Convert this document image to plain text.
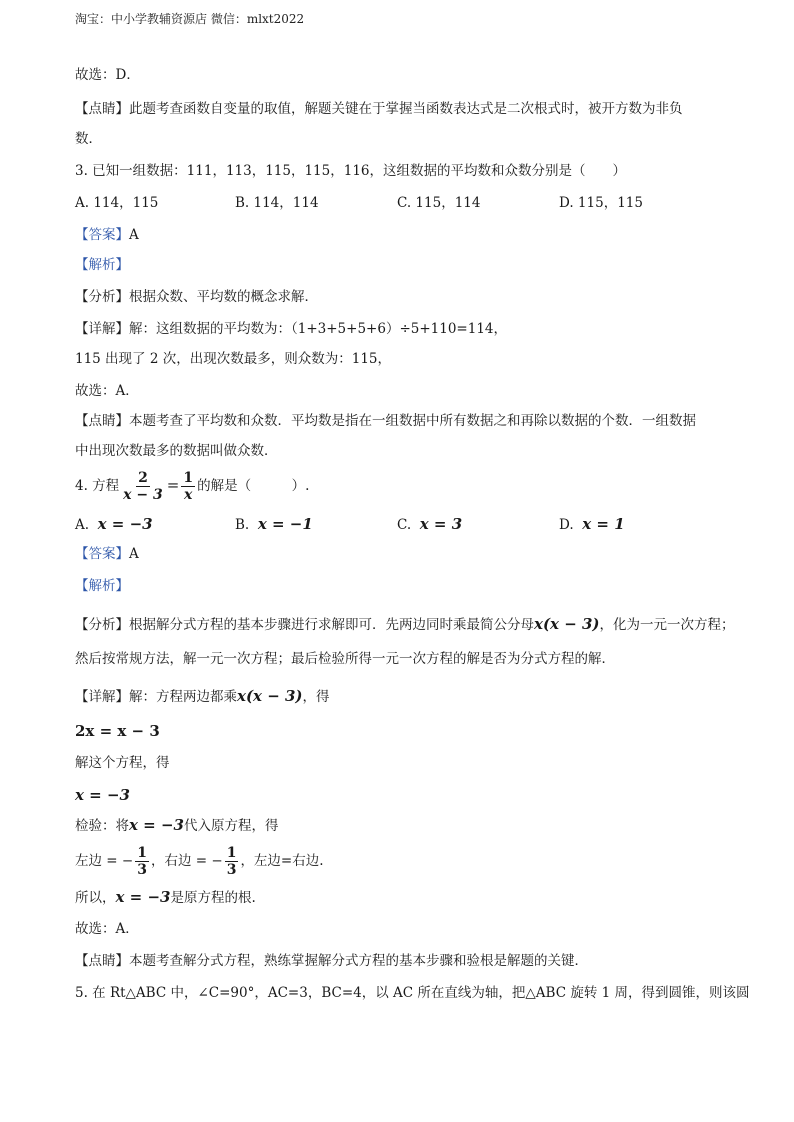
淘宝：中小学教辅资源店 微信：mlxt2022
故选：D．
【点睛】此题考查函数自变量的取值，解题关键在于掌握当函数表达式是二次根式时，被开方数为非负
数．
3. 已知一组数据：111，113，115，115，116，这组数据的平均数和众数分别是（　　）
A. 114，115	B. 114，114	C. 115，114	D. 115，115
【答案】A
【解析】
【分析】根据众数、平均数的概念求解．
【详解】解：这组数据的平均数为：（1+3+5+5+6）÷5+110=114，
115 出现了 2 次，出现次数最多，则众数为：115，
故选：A．
【点睛】本题考查了平均数和众数．平均数是指在一组数据中所有数据之和再除以数据的个数．一组数据
中出现次数最多的数据叫做众数．
4. 方程 $\frac{2}{x - 3} = \frac{1}{x}$ 的解是（　　　）.
A. x = −3	B. x = −1	C. x = 3	D. x = 1
【答案】A
【解析】
【分析】根据解分式方程的基本步骤进行求解即可．先两边同时乘最简公分母x(x − 3)，化为一元一次方程；
然后按常规方法，解一元一次方程；最后检验所得一元一次方程的解是否为分式方程的解．
【详解】解：方程两边都乘x(x − 3)，得
2x = x − 3
解这个方程，得
x = −3
检验：将x = −3代入原方程，得
左边 = − $\frac{1}{3}$ ，右边 = − $\frac{1}{3}$ ，左边=右边.
所以，x = −3是原方程的根.
故选：A．
【点睛】本题考查解分式方程，熟练掌握解分式方程的基本步骤和验根是解题的关键．
5. 在 Rt△ABC 中，∠C=90°，AC=3，BC=4，以 AC 所在直线为轴，把△ABC 旋转 1 周，得到圆锥，则该圆
